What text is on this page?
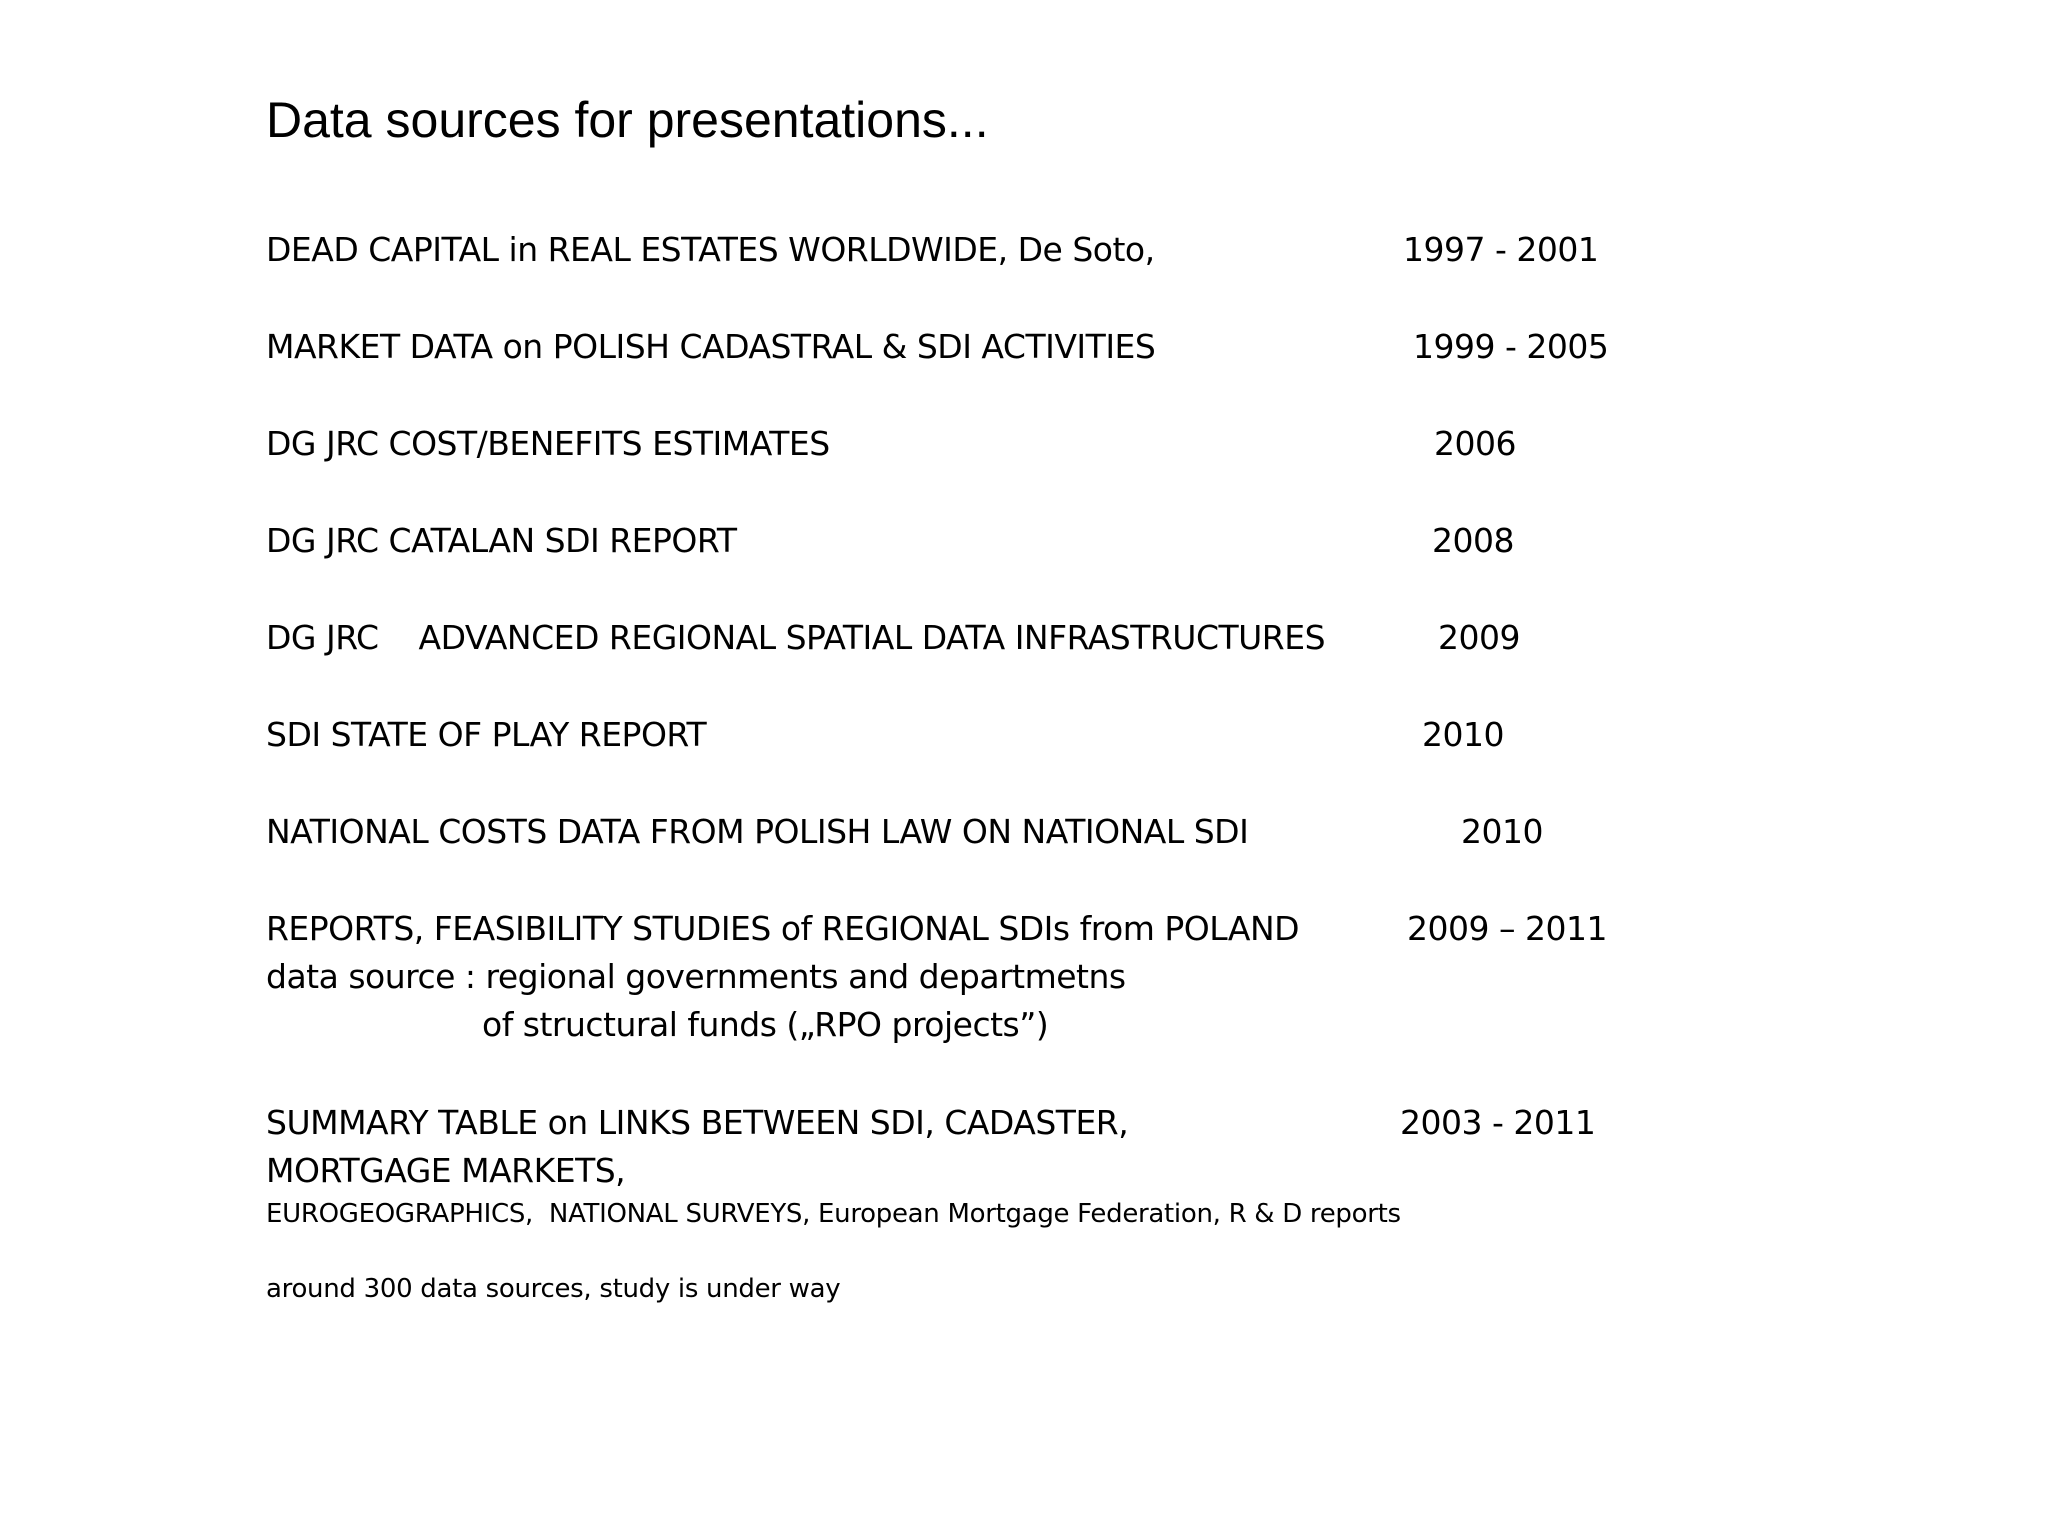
Data sources for presentations...
DEAD CAPITAL in REAL ESTATES WORLDWIDE, De Soto,	1997 - 2001
MARKET DATA on POLISH CADASTRAL & SDI ACTIVITIES	1999 - 2005
DG JRC COST/BENEFITS ESTIMATES	2006
DG JRC CATALAN SDI REPORT	2008
DG JRC    ADVANCED REGIONAL SPATIAL DATA INFRASTRUCTURES	2009
SDI STATE OF PLAY REPORT	2010
NATIONAL COSTS DATA FROM POLISH LAW ON NATIONAL SDI	2010
REPORTS, FEASIBILITY STUDIES of REGIONAL SDIs from POLAND	2009 – 2011
data source : regional governments and departmetns
of structural funds („RPO projects”)
SUMMARY TABLE on LINKS BETWEEN SDI, CADASTER,	2003 - 2011
MORTGAGE MARKETS,
EUROGEOGRAPHICS,  NATIONAL SURVEYS, European Mortgage Federation, R & D reports
around 300 data sources, study is under way
